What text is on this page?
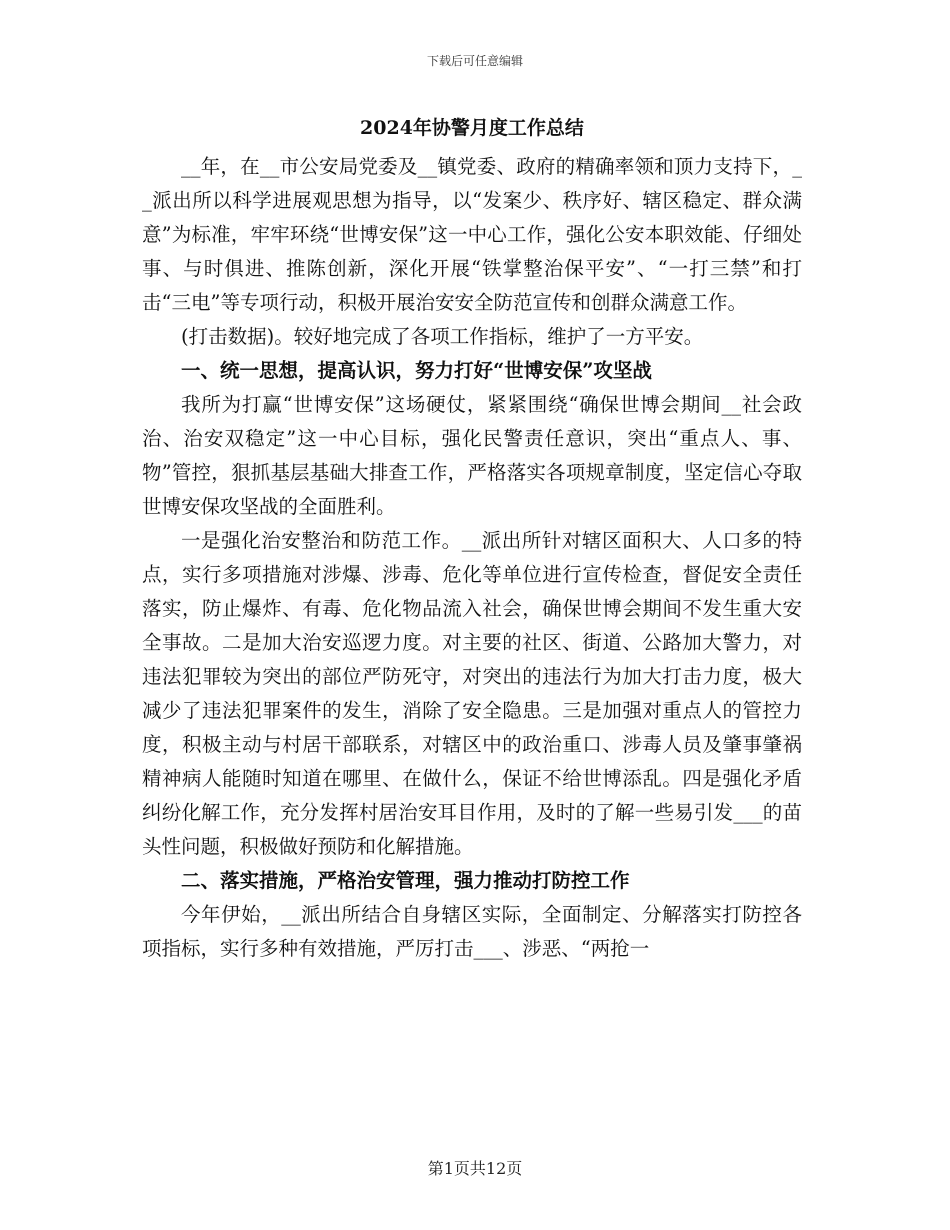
下载后可任意编辑
2024年协警月度工作总结

__年，在__市公安局党委及__镇党委、政府的精确率领和顶力支持下，__派出所以科学进展观思想为指导，以“发案少、秩序好、辖区稳定、群众满意”为标准，牢牢环绕“世博安保”这一中心工作，强化公安本职效能、仔细处事、与时俱进、推陈创新，深化开展“铁掌整治保平安”、“一打三禁”和打击“三电”等专项行动，积极开展治安安全防范宣传和创群众满意工作。

(打击数据)。较好地完成了各项工作指标，维护了一方平安。

一、统一思想，提高认识，努力打好“世博安保”攻坚战

我所为打赢“世博安保”这场硬仗，紧紧围绕“确保世博会期间__社会政治、治安双稳定”这一中心目标，强化民警责任意识，突出“重点人、事、物”管控，狠抓基层基础大排查工作，严格落实各项规章制度，坚定信心夺取世博安保攻坚战的全面胜利。

一是强化治安整治和防范工作。__派出所针对辖区面积大、人口多的特点，实行多项措施对涉爆、涉毒、危化等单位进行宣传检查，督促安全责任落实，防止爆炸、有毒、危化物品流入社会，确保世博会期间不发生重大安全事故。二是加大治安巡逻力度。对主要的社区、街道、公路加大警力，对违法犯罪较为突出的部位严防死守，对突出的违法行为加大打击力度，极大减少了违法犯罪案件的发生，消除了安全隐患。三是加强对重点人的管控力度，积极主动与村居干部联系，对辖区中的政治重口、涉毒人员及肇事肇祸精神病人能随时知道在哪里、在做什么，保证不给世博添乱。四是强化矛盾纠纷化解工作，充分发挥村居治安耳目作用，及时的了解一些易引发___的苗头性问题，积极做好预防和化解措施。

二、落实措施，严格治安管理，强力推动打防控工作

今年伊始，__派出所结合自身辖区实际，全面制定、分解落实打防控各项指标，实行多种有效措施，严厉打击___、涉恶、“两抢一

第1页共12页
